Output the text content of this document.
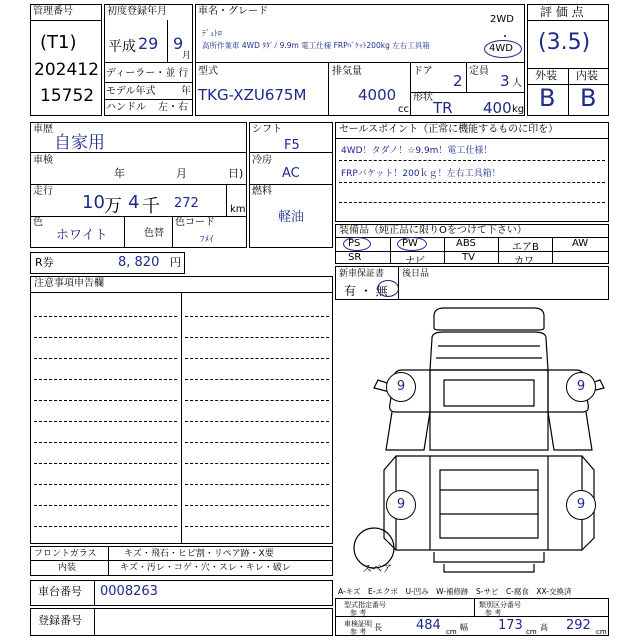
管理番号
(T1)
202412
15752
初度登録年月
平成 29 9
月
ディーラー・並 行
モデル年式	年
ハンドル 左・右
車名・グレード
ﾃﾞｭﾄﾛ
高所作業車 4WD ﾀﾀﾞﾉ 9.9m 電工仕様 FRPﾊﾞｹｯﾄ200kg 左右工具箱
2WD
・
4WD
型式
TKG-XZU675M
排気量
4000
cc
ドア
2
定員
3 人
形状
TR 400 kg
評 価 点
(3.5)
外装 内装
B B
車歴
自家用
車検
年	月	日)
走行
10 万 4 千 272	km
色
ホワイト	色替
色コード
ﾌﾒｲ
シフト
F5
冷房
AC
燃料
軽油
セールスポイント（正常に機能するものに印を）
4WD！タダノ！☆9.9m！電工仕様！
FRPバケット！200ｋｇ！左右工具箱！
装備品（純正品に限りOをつけて下さい）
PS	PW	ABS	エアB	AW
SR	ナビ	TV	カワ
R券	8, 820 円
新車保証書
有 ・ 無
後日品
注意事項申告欄
9	9
9	9
スペア
フロントガラス	キズ・飛石・ヒビ割・リペア跡・X要
内装	キズ・汚レ・コゲ・穴・スレ・キレ・破レ
車台番号 0008263
登録番号
A-キズ　E-エクボ　U-凹み　W-補修跡　S-サビ　C-腐食　XX-交換済
型式指定番号
参 考
類別区分番号
参 考
車検証明
参 考 長	484 cm 幅 173 cm 高 292 cm
